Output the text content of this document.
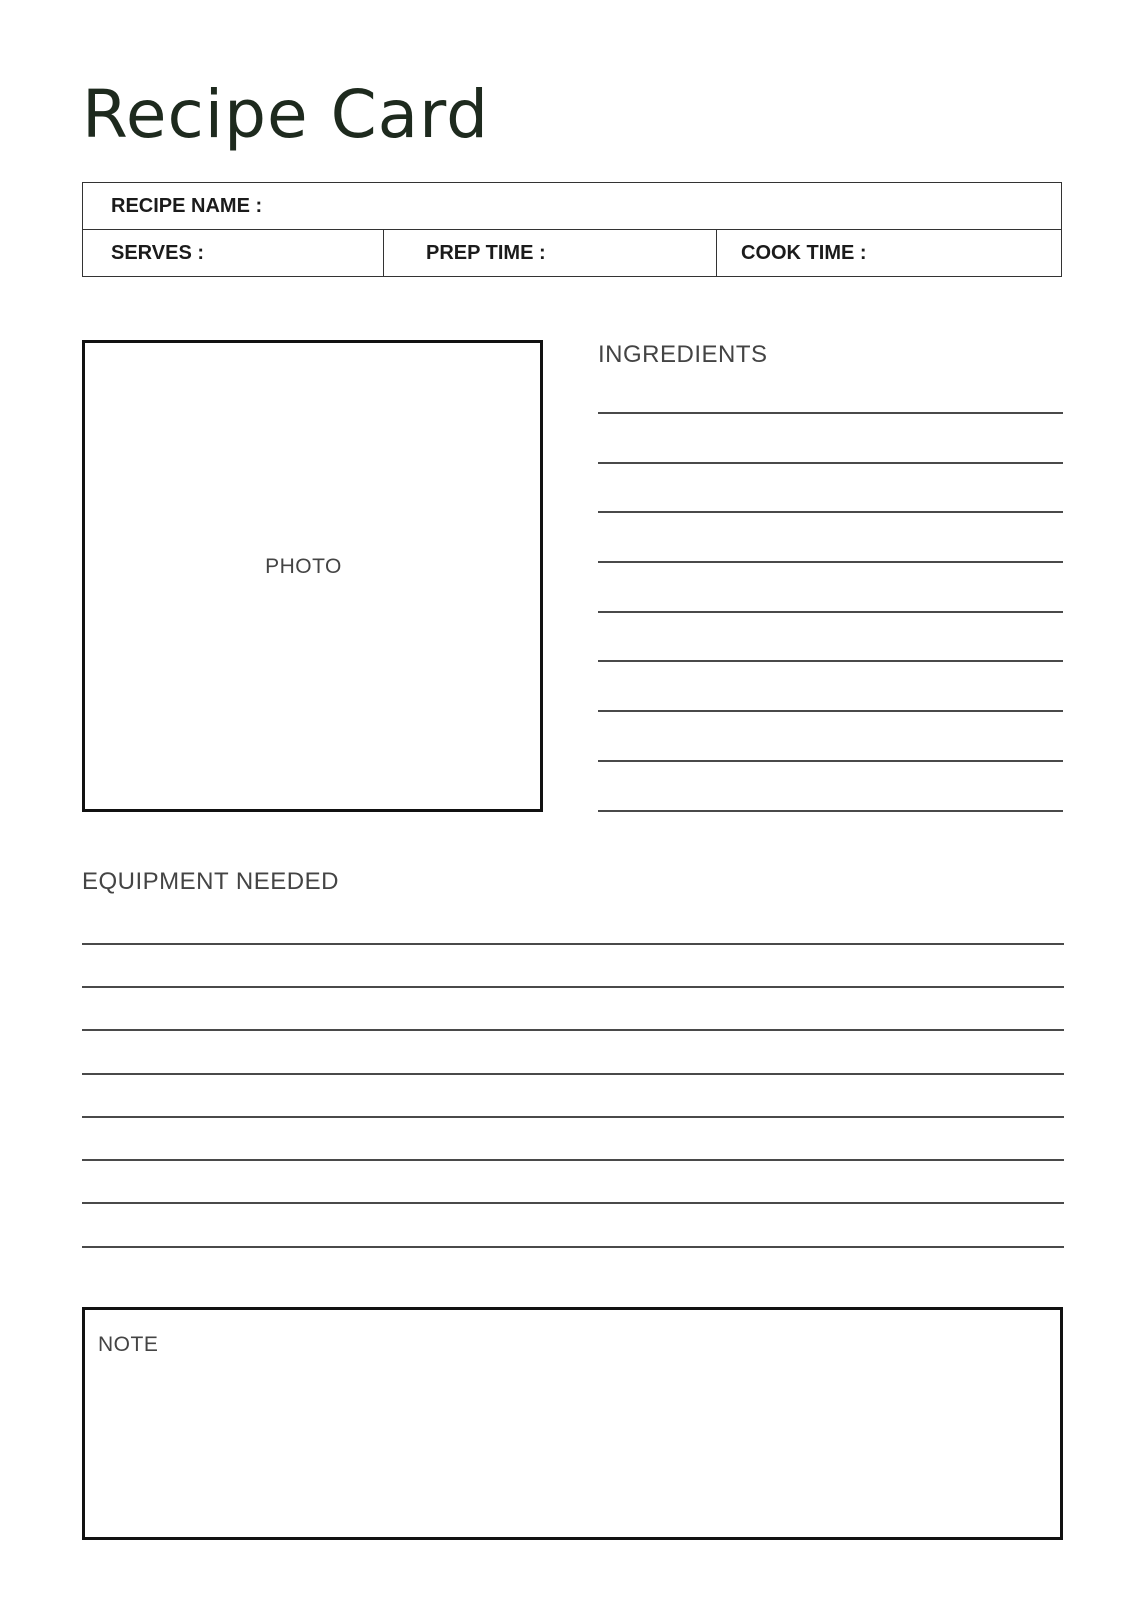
Recipe Card
RECIPE NAME :
SERVES :	PREP TIME :	COOK TIME :
PHOTO
INGREDIENTS
EQUIPMENT NEEDED
NOTE
